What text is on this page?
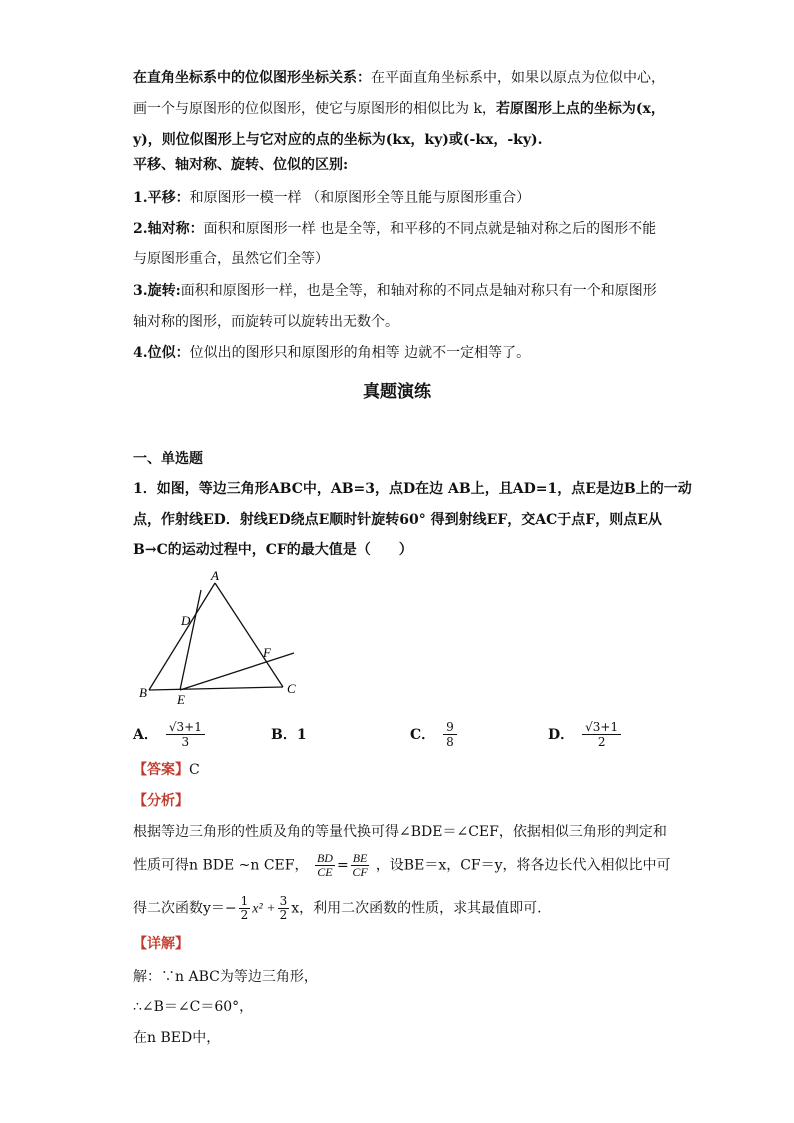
在直角坐标系中的位似图形坐标关系：在平面直角坐标系中，如果以原点为位似中心，
画一个与原图形的位似图形，使它与原图形的相似比为 k，若原图形上点的坐标为(x，
y)，则位似图形上与它对应的点的坐标为(kx，ky)或(-kx，-ky).
平移、轴对称、旋转、位似的区别:
1.平移：和原图形一模一样 （和原图形全等且能与原图形重合）
2.轴对称：面积和原图形一样 也是全等，和平移的不同点就是轴对称之后的图形不能
与原图形重合，虽然它们全等）
3.旋转:面积和原图形一样，也是全等，和轴对称的不同点是轴对称只有一个和原图形
轴对称的图形，而旋转可以旋转出无数个。
4.位似：位似出的图形只和原图形的角相等 边就不一定相等了。
真题演练
一、单选题
1．如图，等边三角形ABC中，AB=3，点D在边 AB上，且AD=1，点E是边B上的一动
点，作射线ED．射线ED绕点E顺时针旋转60° 得到射线EF，交AC于点F，则点E从
B→C的运动过程中，CF的最大值是（　　）
A
D
F
B E
C
A． $\frac{√3+1}{3}$	B．1	C． $\frac{9}{8}$	D． $\frac{√3+1}{2}$
【答案】C
【分析】
根据等边三角形的性质及角的等量代换可得∠BDE＝∠CEF，依据相似三角形的判定和
性质可得n BDE ~n CEF， $\frac{BD}{CE} = \frac{BE}{CF}$ ，设BE＝x，CF＝y，将各边长代入相似比中可
得二次函数$y=- \frac{1}{2} x^2 + \frac{3}{2}$ x，利用二次函数的性质，求其最值即可.
【详解】
解：∵n ABC为等边三角形，
∴∠B＝∠C＝60°，
在n BED中，
